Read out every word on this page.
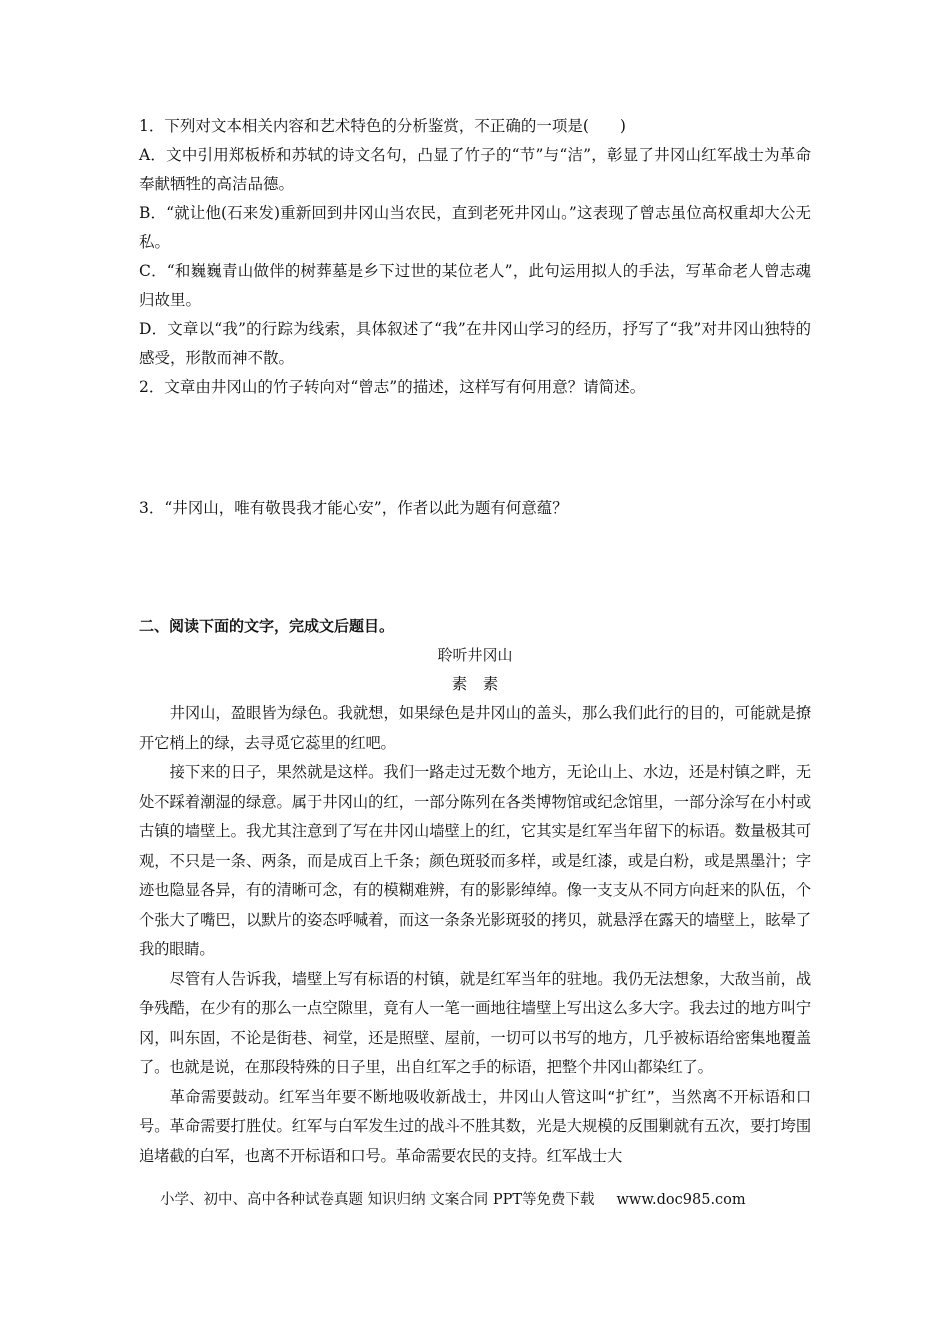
1．下列对文本相关内容和艺术特色的分析鉴赏，不正确的一项是(　　)

A．文中引用郑板桥和苏轼的诗文名句，凸显了竹子的“节”与“洁”，彰显了井冈山红军战士为革命奉献牺牲的高洁品德。

B．“就让他(石来发)重新回到井冈山当农民，直到老死井冈山。”这表现了曾志虽位高权重却大公无私。

C．“和巍巍青山做伴的树葬墓是乡下过世的某位老人”，此句运用拟人的手法，写革命老人曾志魂归故里。

D．文章以“我”的行踪为线索，具体叙述了“我”在井冈山学习的经历，抒写了“我”对井冈山独特的感受，形散而神不散。

2．文章由井冈山的竹子转向对“曾志”的描述，这样写有何用意？请简述。

3．“井冈山，唯有敬畏我才能心安”，作者以此为题有何意蕴？

二、阅读下面的文字，完成文后题目。

聆听井冈山

素　素

井冈山，盈眼皆为绿色。我就想，如果绿色是井冈山的盖头，那么我们此行的目的，可能就是撩开它梢上的绿，去寻觅它蕊里的红吧。

接下来的日子，果然就是这样。我们一路走过无数个地方，无论山上、水边，还是村镇之畔，无处不踩着潮湿的绿意。属于井冈山的红，一部分陈列在各类博物馆或纪念馆里，一部分涂写在小村或古镇的墙壁上。我尤其注意到了写在井冈山墙壁上的红，它其实是红军当年留下的标语。数量极其可观，不只是一条、两条，而是成百上千条；颜色斑驳而多样，或是红漆，或是白粉，或是黑墨汁；字迹也隐显各异，有的清晰可念，有的模糊难辨，有的影影绰绰。像一支支从不同方向赶来的队伍，个个张大了嘴巴，以默片的姿态呼喊着，而这一条条光影斑驳的拷贝，就悬浮在露天的墙壁上，眩晕了我的眼睛。

尽管有人告诉我，墙壁上写有标语的村镇，就是红军当年的驻地。我仍无法想象，大敌当前，战争残酷，在少有的那么一点空隙里，竟有人一笔一画地往墙壁上写出这么多大字。我去过的地方叫宁冈，叫东固，不论是街巷、祠堂，还是照壁、屋前，一切可以书写的地方，几乎被标语给密集地覆盖了。也就是说，在那段特殊的日子里，出自红军之手的标语，把整个井冈山都染红了。

革命需要鼓动。红军当年要不断地吸收新战士，井冈山人管这叫“扩红”，当然离不开标语和口号。革命需要打胜仗。红军与白军发生过的战斗不胜其数，光是大规模的反围剿就有五次，要打垮围追堵截的白军，也离不开标语和口号。革命需要农民的支持。红军战士大

小学、初中、高中各种试卷真题 知识归纳 文案合同 PPT等免费下载 www.doc985.com
